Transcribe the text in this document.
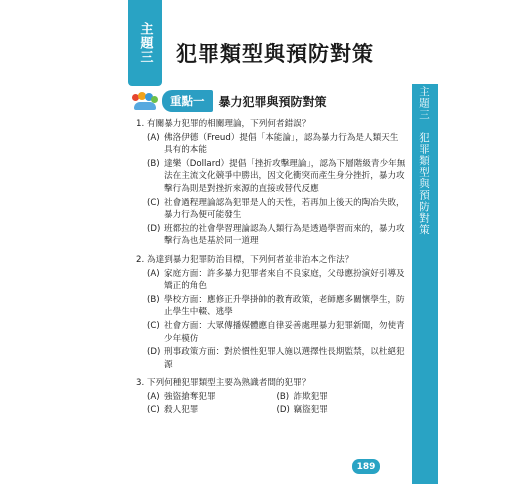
主題三 犯罪類型與預防對策
主題三　犯罪類型與預防對策
重點一	暴力犯罪與預防對策
1. 有關暴力犯罪的相關理論，下列何者錯誤？
(A) 佛洛伊德（Freud）提倡「本能論」，認為暴力行為是人類天生具有的本能
(B) 達樂（Dollard）提倡「挫折攻擊理論」，認為下層階級青少年無法在主流文化競爭中勝出，因文化衝突而產生身分挫折，暴力攻擊行為則是對挫折來源的直接或替代反應
(C) 社會過程理論認為犯罪是人的天性，若再加上後天的陶冶失敗，暴力行為便可能發生
(D) 班都拉的社會學習理論認為人類行為是透過學習而來的，暴力攻擊行為也是基於同一道理
2. 為達到暴力犯罪防治目標，下列何者並非治本之作法？
(A) 家庭方面：許多暴力犯罪者來自不良家庭，父母應扮演好引導及矯正的角色
(B) 學校方面：應修正升學掛帥的教育政策，老師應多關懷學生，防止學生中輟、逃學
(C) 社會方面：大眾傳播媒體應自律妥善處理暴力犯罪新聞，勿使青少年模仿
(D) 刑事政策方面：對於慣性犯罪人施以選擇性長期監禁，以杜絕犯源
3. 下列何種犯罪類型主要為熟識者間的犯罪？
(A) 強盜搶奪犯罪	(B) 詐欺犯罪
(C) 殺人犯罪	(D) 竊盜犯罪
189
